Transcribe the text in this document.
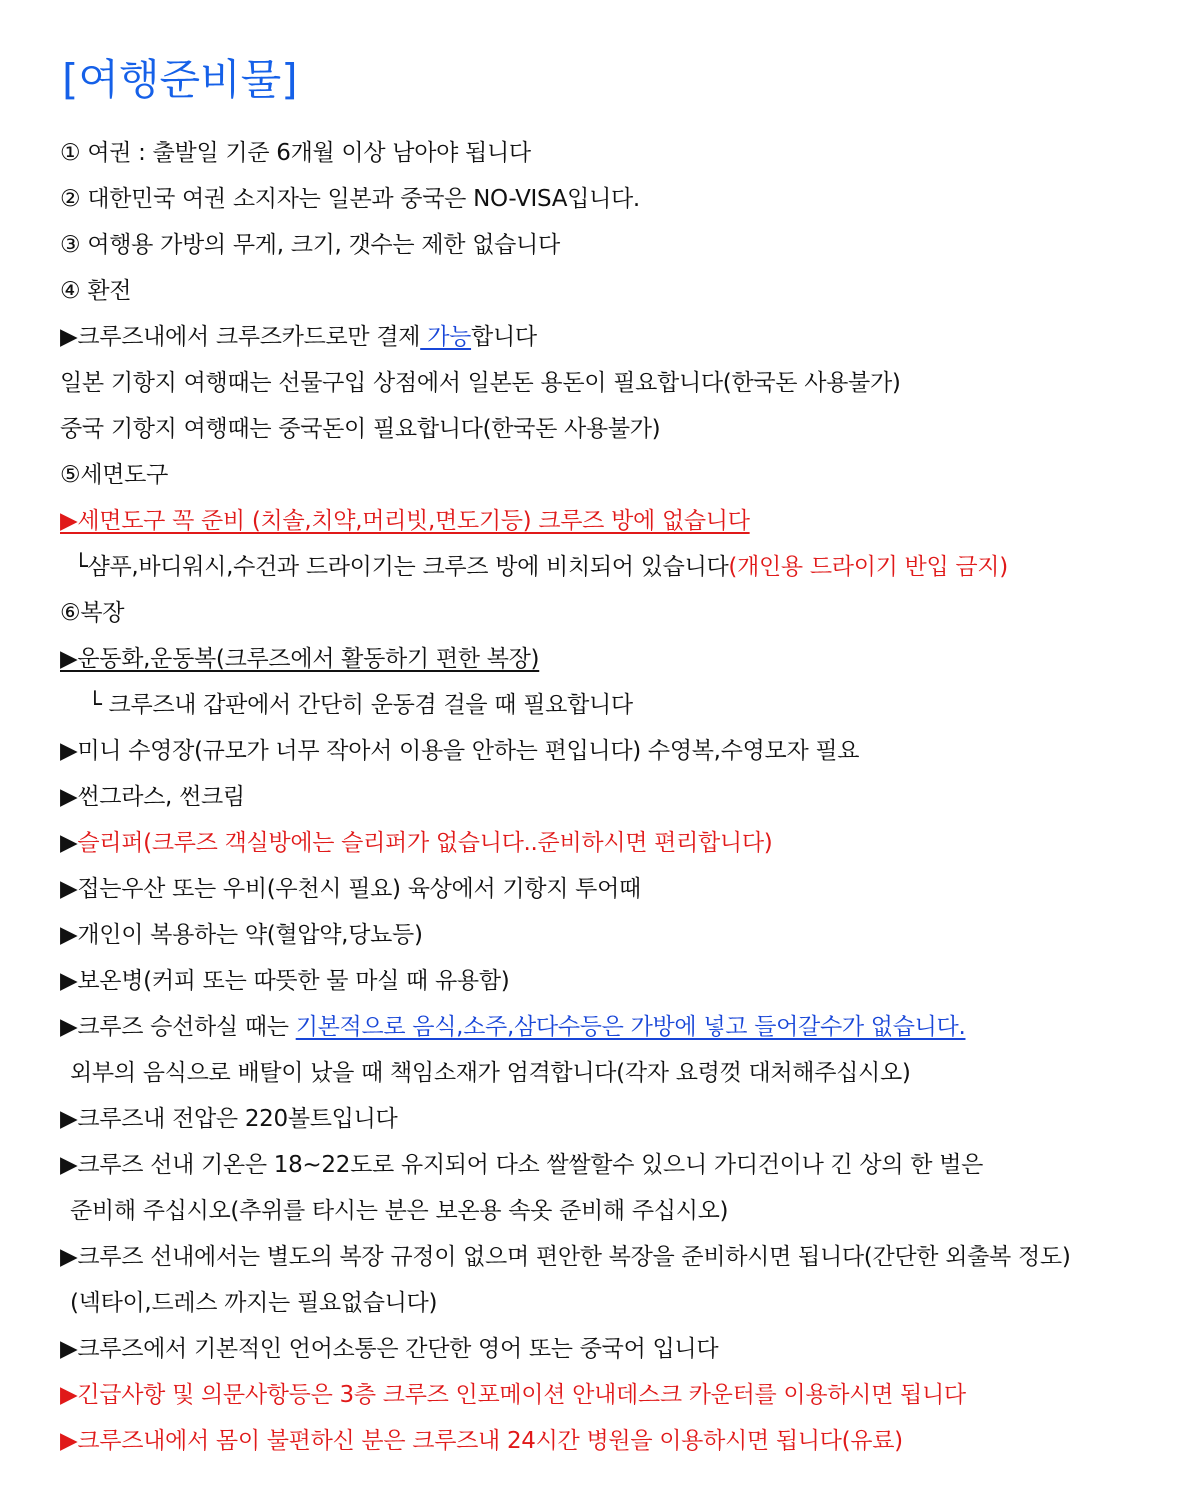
[여행준비물]
① 여권 : 출발일 기준 6개월 이상 남아야 됩니다
② 대한민국 여권 소지자는 일본과 중국은 NO-VISA입니다.
③ 여행용 가방의 무게, 크기, 갯수는 제한 없습니다
④ 환전
▶크루즈내에서 크루즈카드로만 결제 가능합니다
일본 기항지 여행때는 선물구입 상점에서 일본돈 용돈이 필요합니다(한국돈 사용불가)
중국 기항지 여행때는 중국돈이 필요합니다(한국돈 사용불가)
⑤세면도구
▶세면도구 꼭 준비 (치솔,치약,머리빗,면도기등) 크루즈 방에 없습니다
└샴푸,바디워시,수건과 드라이기는 크루즈 방에 비치되어 있습니다(개인용 드라이기 반입 금지)
⑥복장
▶운동화,운동복(크루즈에서 활동하기 편한 복장)
└ 크루즈내 갑판에서 간단히 운동겸 걸을 때 필요합니다
▶미니 수영장(규모가 너무 작아서 이용을 안하는 편입니다) 수영복,수영모자 필요
▶썬그라스, 썬크림
▶슬리퍼(크루즈 객실방에는 슬리퍼가 없습니다..준비하시면 편리합니다)
▶접는우산 또는 우비(우천시 필요) 육상에서 기항지 투어때
▶개인이 복용하는 약(혈압약,당뇨등)
▶보온병(커피 또는 따뜻한 물 마실 때 유용함)
▶크루즈 승선하실 때는 기본적으로 음식,소주,삼다수등은 가방에 넣고 들어갈수가 없습니다.
외부의 음식으로 배탈이 났을 때 책임소재가 엄격합니다(각자 요령껏 대처해주십시오)
▶크루즈내 전압은 220볼트입니다
▶크루즈 선내 기온은 18~22도로 유지되어 다소 쌀쌀할수 있으니 가디건이나 긴 상의 한 벌은
준비해 주십시오(추위를 타시는 분은 보온용 속옷 준비해 주십시오)
▶크루즈 선내에서는 별도의 복장 규정이 없으며 편안한 복장을 준비하시면 됩니다(간단한 외출복 정도)
(넥타이,드레스 까지는 필요없습니다)
▶크루즈에서 기본적인 언어소통은 간단한 영어 또는 중국어 입니다
▶긴급사항 및 의문사항등은 3층 크루즈 인포메이션 안내데스크 카운터를 이용하시면 됩니다
▶크루즈내에서 몸이 불편하신 분은 크루즈내 24시간 병원을 이용하시면 됩니다(유료)
